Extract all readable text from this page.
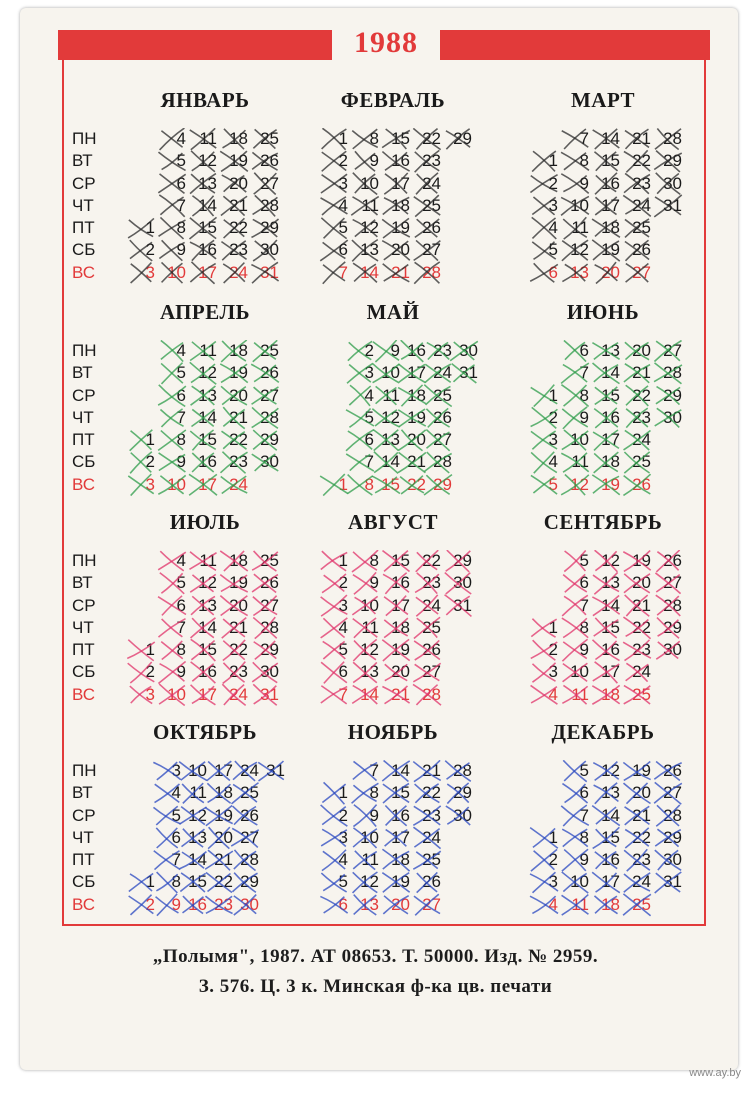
1988
ЯНВАРЬ
ПН
ВТ
СР
ЧТ
ПТ
СБ
ВС
1
2
3
4
5
6
7
8
9
10
11
12
13
14
15
16
17
18
19
20
21
22
23
24
25
26
27
28
29
30
31
ФЕВРАЛЬ
1
2
3
4
5
6
7
8
9
10
11
12
13
14
15
16
17
18
19
20
21
22
23
24
25
26
27
28
29
МАРТ
1
2
3
4
5
6
7
8
9
10
11
12
13
14
15
16
17
18
19
20
21
22
23
24
25
26
27
28
29
30
31
АПРЕЛЬ
ПН
ВТ
СР
ЧТ
ПТ
СБ
ВС
1
2
3
4
5
6
7
8
9
10
11
12
13
14
15
16
17
18
19
20
21
22
23
24
25
26
27
28
29
30
МАЙ
1
2
3
4
5
6
7
8
9
10
11
12
13
14
15
16
17
18
19
20
21
22
23
24
25
26
27
28
29
30
31
ИЮНЬ
1
2
3
4
5
6
7
8
9
10
11
12
13
14
15
16
17
18
19
20
21
22
23
24
25
26
27
28
29
30
ИЮЛЬ
ПН
ВТ
СР
ЧТ
ПТ
СБ
ВС
1
2
3
4
5
6
7
8
9
10
11
12
13
14
15
16
17
18
19
20
21
22
23
24
25
26
27
28
29
30
31
АВГУСТ
1
2
3
4
5
6
7
8
9
10
11
12
13
14
15
16
17
18
19
20
21
22
23
24
25
26
27
28
29
30
31
СЕНТЯБРЬ
1
2
3
4
5
6
7
8
9
10
11
12
13
14
15
16
17
18
19
20
21
22
23
24
25
26
27
28
29
30
ОКТЯБРЬ
ПН
ВТ
СР
ЧТ
ПТ
СБ
ВС
1
2
3
4
5
6
7
8
9
10
11
12
13
14
15
16
17
18
19
20
21
22
23
24
25
26
27
28
29
30
31
НОЯБРЬ
1
2
3
4
5
6
7
8
9
10
11
12
13
14
15
16
17
18
19
20
21
22
23
24
25
26
27
28
29
30
ДЕКАБРЬ
1
2
3
4
5
6
7
8
9
10
11
12
13
14
15
16
17
18
19
20
21
22
23
24
25
26
27
28
29
30
31
„Полымя", 1987. АТ 08653. Т. 50000. Изд. № 2959.
З. 576. Ц. 3 к. Минская ф-ка цв. печати
www.ay.by
